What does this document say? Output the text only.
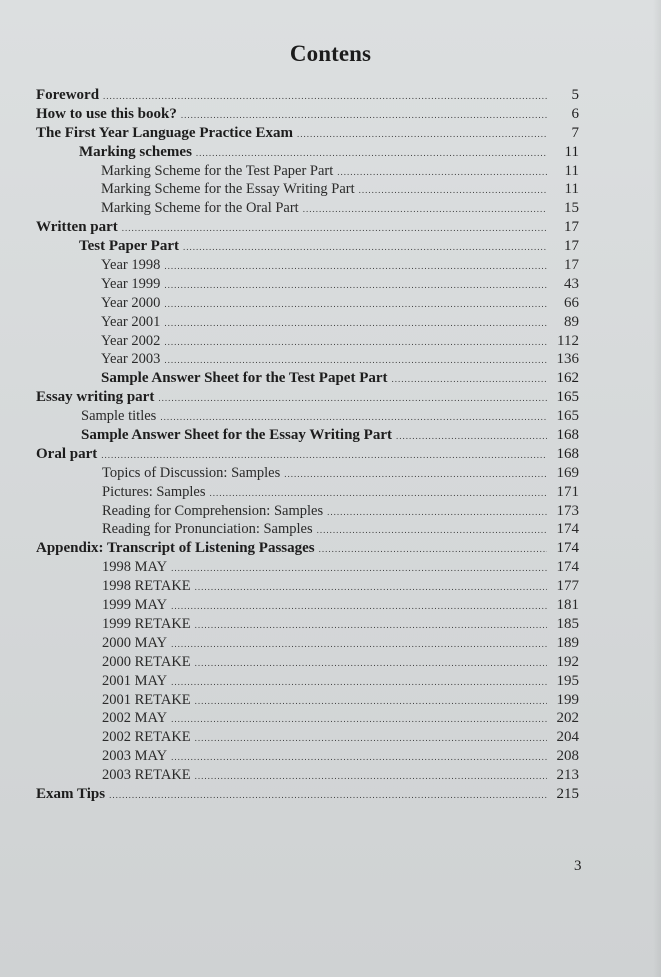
Contens
Foreword .....	5
How to use this book? .....	6
The First Year Language Practice Exam .....	7
Marking schemes .....	11
Marking Scheme for the Test Paper Part .....	11
Marking Scheme for the Essay Writing Part .....	11
Marking Scheme for the Oral Part .....	15
Written part .....	17
Test Paper Part .....	17
Year 1998 .....	17
Year 1999 .....	43
Year 2000 .....	66
Year 2001 .....	89
Year 2002 .....	112
Year 2003 .....	136
Sample Answer Sheet for the Test Papet Part .....	162
Essay writing part .....	165
Sample titles .....	165
Sample Answer Sheet for the Essay Writing Part .....	168
Oral part .....	168
Topics of Discussion: Samples .....	169
Pictures: Samples .....	171
Reading for Comprehension: Samples .....	173
Reading for Pronunciation: Samples .....	174
Appendix: Transcript of Listening Passages .....	174
1998 MAY .....	174
1998 RETAKE .....	177
1999 MAY .....	181
1999 RETAKE .....	185
2000 MAY .....	189
2000 RETAKE .....	192
2001 MAY .....	195
2001 RETAKE .....	199
2002 MAY .....	202
2002 RETAKE .....	204
2003 MAY .....	208
2003 RETAKE .....	213
Exam Tips .....	215
3
